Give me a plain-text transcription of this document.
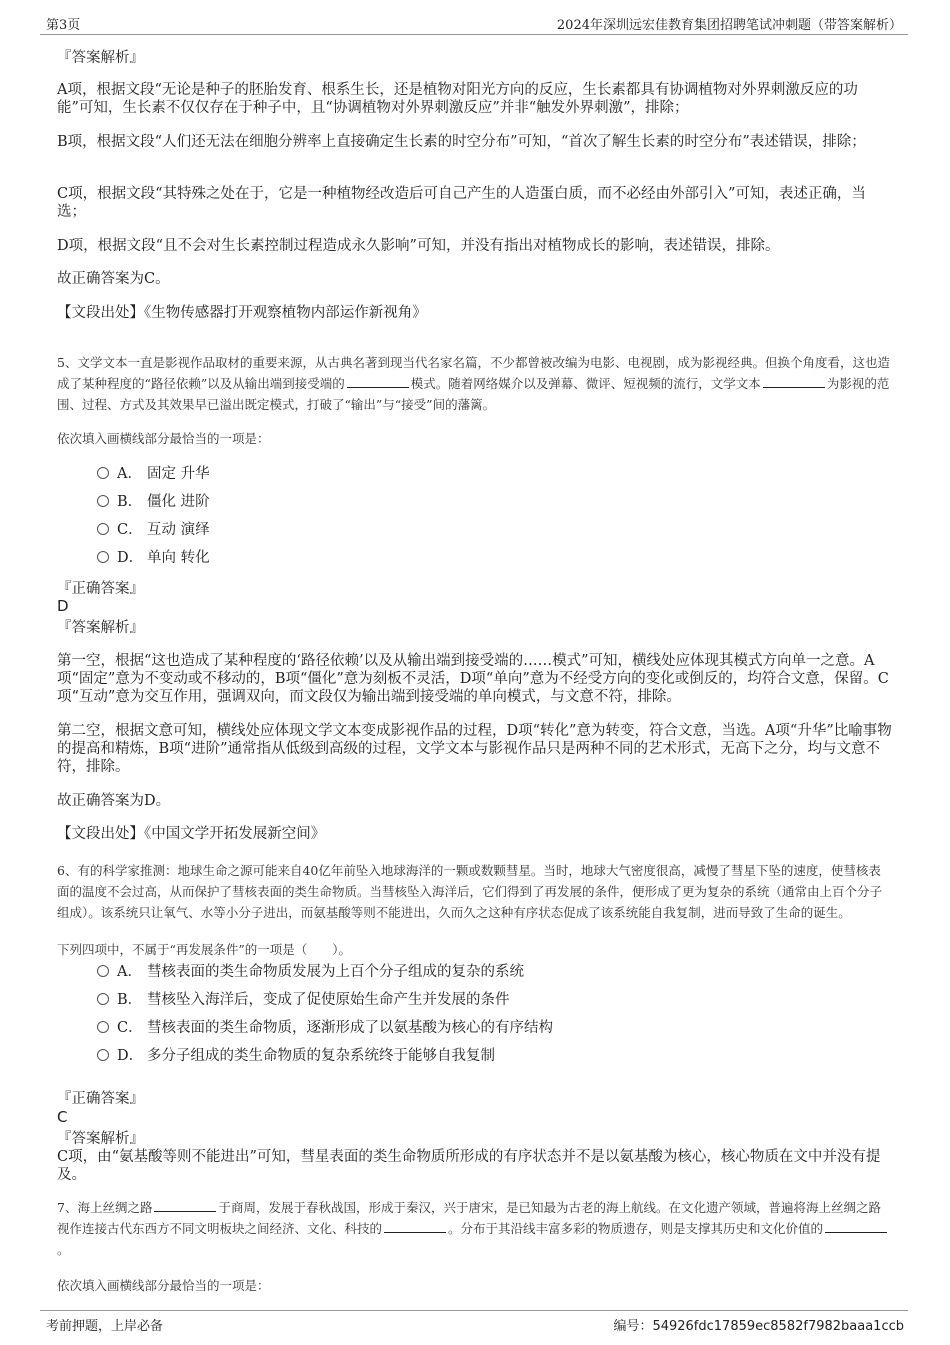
第3页	2024年深圳远宏佳教育集团招聘笔试冲刺题（带答案解析）
『答案解析』
A项，根据文段“无论是种子的胚胎发育、根系生长，还是植物对阳光方向的反应，生长素都具有协调植物对外界刺激反应的功能”可知，生长素不仅仅存在于种子中，且“协调植物对外界刺激反应”并非“触发外界刺激”，排除；
B项，根据文段“人们还无法在细胞分辨率上直接确定生长素的时空分布”可知，“首次了解生长素的时空分布”表述错误，排除；
C项，根据文段“其特殊之处在于，它是一种植物经改造后可自己产生的人造蛋白质，而不必经由外部引入”可知，表述正确，当选；
D项，根据文段“且不会对生长素控制过程造成永久影响”可知，并没有指出对植物成长的影响，表述错误，排除。
故正确答案为C。
【文段出处】《生物传感器打开观察植物内部运作新视角》
5、文学文本一直是影视作品取材的重要来源，从古典名著到现当代名家名篇，不少都曾被改编为电影、电视剧，成为影视经典。但换个角度看，这也造成了某种程度的“路径依赖”以及从输出端到接受端的	模式。随着网络媒介以及弹幕、微评、短视频的流行，文学文本	为影视的范围、过程、方式及其效果早已溢出既定模式，打破了“输出”与“接受”间的藩篱。
依次填入画横线部分最恰当的一项是：
A． 固定 升华
B． 僵化 进阶
C． 互动 演绎
D． 单向 转化
『正确答案』
D
『答案解析』
第一空，根据“这也造成了某种程度的‘路径依赖’以及从输出端到接受端的……模式”可知，横线处应体现其模式方向单一之意。A项“固定”意为不变动或不移动的，B项“僵化”意为刻板不灵活，D项“单向”意为不经受方向的变化或倒反的，均符合文意，保留。C项“互动”意为交互作用，强调双向，而文段仅为输出端到接受端的单向模式，与文意不符，排除。
第二空，根据文意可知，横线处应体现文学文本变成影视作品的过程，D项“转化”意为转变，符合文意，当选。A项“升华”比喻事物的提高和精炼，B项“进阶”通常指从低级到高级的过程，文学文本与影视作品只是两种不同的艺术形式，无高下之分，均与文意不符，排除。
故正确答案为D。
【文段出处】《中国文学开拓发展新空间》
6、有的科学家推测：地球生命之源可能来自40亿年前坠入地球海洋的一颗或数颗彗星。当时，地球大气密度很高，减慢了彗星下坠的速度，使彗核表面的温度不会过高，从而保护了彗核表面的类生命物质。当彗核坠入海洋后，它们得到了再发展的条件，便形成了更为复杂的系统（通常由上百个分子组成）。该系统只让氧气、水等小分子进出，而氨基酸等则不能进出，久而久之这种有序状态促成了该系统能自我复制，进而导致了生命的诞生。
下列四项中，不属于“再发展条件”的一项是（　　）。
A． 彗核表面的类生命物质发展为上百个分子组成的复杂的系统
B． 彗核坠入海洋后，变成了促使原始生命产生并发展的条件
C． 彗核表面的类生命物质，逐渐形成了以氨基酸为核心的有序结构
D． 多分子组成的类生命物质的复杂系统终于能够自我复制
『正确答案』
C
『答案解析』
C项，由“氨基酸等则不能进出”可知，彗星表面的类生命物质所形成的有序状态并不是以氨基酸为核心，核心物质在文中并没有提及。
7、海上丝绸之路	于商周，发展于春秋战国，形成于秦汉，兴于唐宋，是已知最为古老的海上航线。在文化遗产领域，普遍将海上丝绸之路视作连接古代东西方不同文明板块之间经济、文化、科技的	。分布于其沿线丰富多彩的物质遗存，则是支撑其历史和文化价值的。
依次填入画横线部分最恰当的一项是：
考前押题，上岸必备	编号：54926fdc17859ec8582f7982baaa1ccb
